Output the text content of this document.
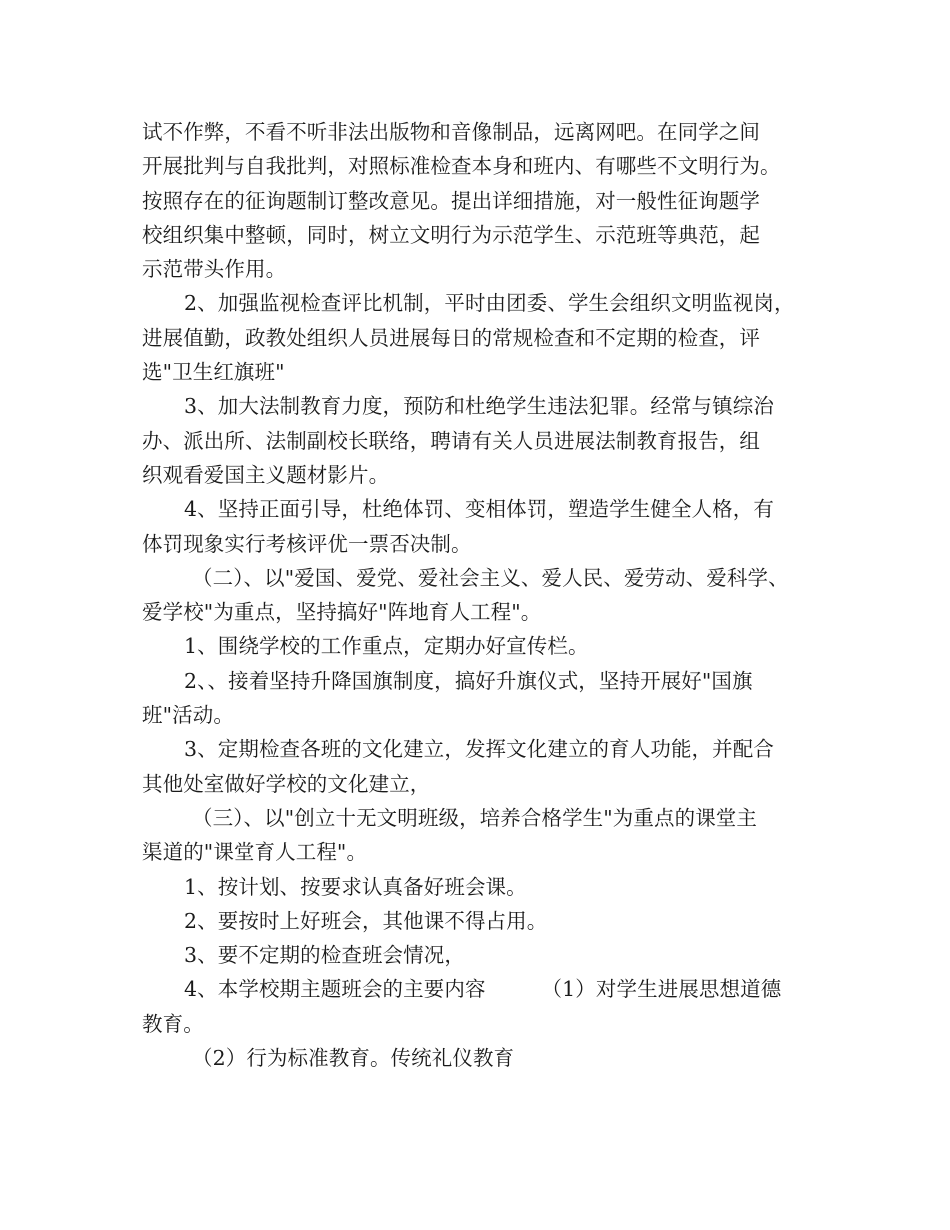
试不作弊，不看不听非法出版物和音像制品，远离网吧。在同学之间
开展批判与自我批判，对照标准检查本身和班内、有哪些不文明行为。
按照存在的征询题制订整改意见。提出详细措施，对一般性征询题学
校组织集中整顿，同时，树立文明行为示范学生、示范班等典范，起
示范带头作用。
2、加强监视检查评比机制，平时由团委、学生会组织文明监视岗，
进展值勤，政教处组织人员进展每日的常规检查和不定期的检查，评
选"卫生红旗班"
3、加大法制教育力度，预防和杜绝学生违法犯罪。经常与镇综治
办、派出所、法制副校长联络，聘请有关人员进展法制教育报告，组
织观看爱国主义题材影片。
4、坚持正面引导，杜绝体罚、变相体罚，塑造学生健全人格，有
体罚现象实行考核评优一票否决制。
（二）、以"爱国、爱党、爱社会主义、爱人民、爱劳动、爱科学、
爱学校"为重点，坚持搞好"阵地育人工程"。
1、围绕学校的工作重点，定期办好宣传栏。
2、、接着坚持升降国旗制度，搞好升旗仪式，坚持开展好"国旗
班"活动。
3、定期检查各班的文化建立，发挥文化建立的育人功能，并配合
其他处室做好学校的文化建立，
（三）、以"创立十无文明班级，培养合格学生"为重点的课堂主
渠道的"课堂育人工程"。
1、按计划、按要求认真备好班会课。
2、要按时上好班会，其他课不得占用。
3、要不定期的检查班会情况，
4、本学校期主题班会的主要内容	（1）对学生进展思想道德
教育。
（2）行为标准教育。传统礼仪教育
